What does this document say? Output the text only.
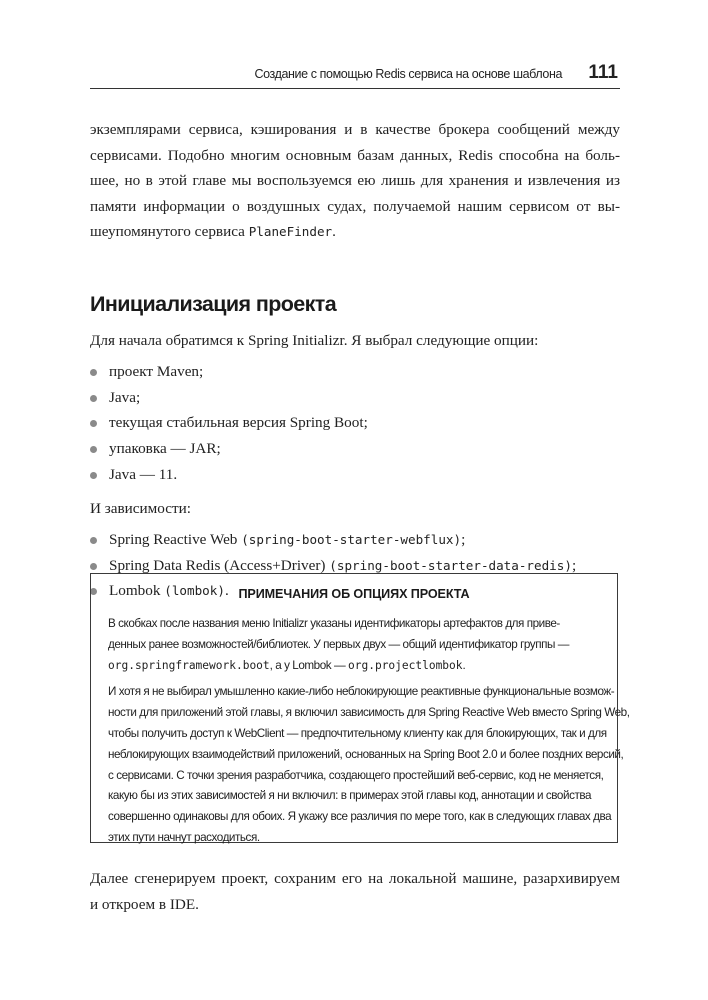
Создание с помощью Redis сервиса на основе шаблона 111

экземплярами сервиса, кэширования и в качестве брокера сообщений между
сервисами. Подобно многим основным базам данных, Redis способна на боль-
шее, но в этой главе мы воспользуемся ею лишь для хранения и извлечения из
памяти информации о воздушных судах, получаемой нашим сервисом от вы-
шеупомянутого сервиса PlaneFinder.

Инициализация проекта

Для начала обратимся к Spring Initializr. Я выбрал следующие опции:

проект Maven;
Java;
текущая стабильная версия Spring Boot;
упаковка — JAR;
Java — 11.

И зависимости:

Spring Reactive Web (spring-boot-starter-webflux);
Spring Data Redis (Access+Driver) (spring-boot-starter-data-redis);
Lombok (lombok). ПРИМЕЧАНИЯ ОБ ОПЦИЯХ ПРОЕКТА

В скобках после названия меню Initializr указаны идентификаторы артефактов для приве-
денных ранее возможностей/библиотек. У первых двух — общий идентификатор группы —
org.springframework.boot, а у Lombok — org.projectlombok.

И хотя я не выбирал умышленно какие-либо неблокирующие реактивные функциональные возмож-
ности для приложений этой главы, я включил зависимость для Spring Reactive Web вместо Spring Web,
чтобы получить доступ к WebClient — предпочтительному клиенту как для блокирующих, так и для
неблокирующих взаимодействий приложений, основанных на Spring Boot 2.0 и более поздних версий,
с сервисами. С точки зрения разработчика, создающего простейший веб-сервис, код не меняется,
какую бы из этих зависимостей я ни включил: в примерах этой главы код, аннотации и свойства
совершенно одинаковы для обоих. Я укажу все различия по мере того, как в следующих главах два
этих пути начнут расходиться.

Далее сгенерируем проект, сохраним его на локальной машине, разархивируем
и откроем в IDE.
